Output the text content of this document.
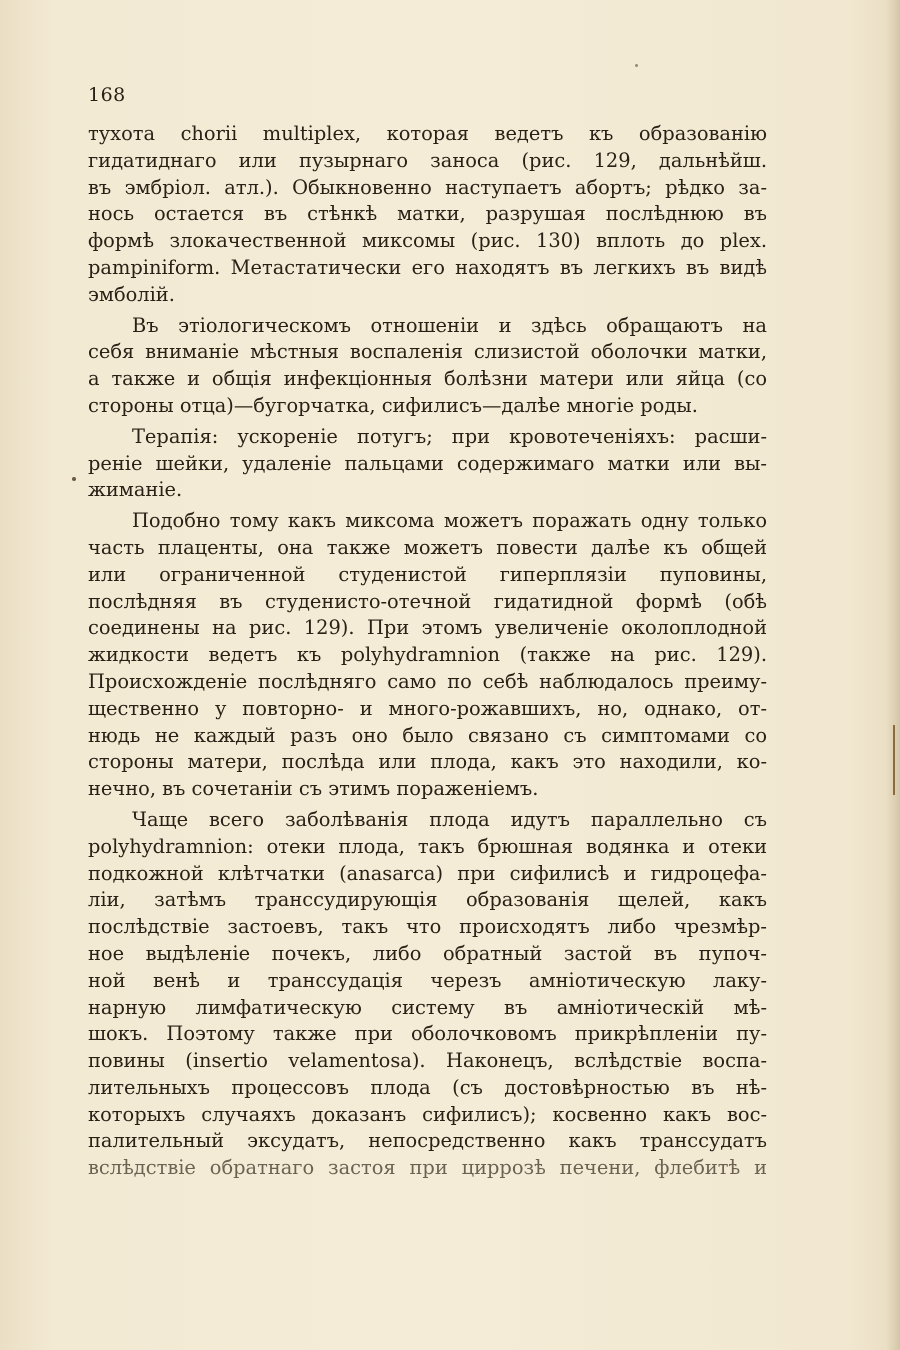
168
тухота chorii multiplex, которая ведетъ къ образованію
гидатиднаго или пузырнаго заноса (рис. 129, дальнѣйш.
въ эмбріол. атл.). Обыкновенно наступаетъ абортъ; рѣдко за-
нось остается въ стѣнкѣ матки, разрушая послѣднюю въ
формѣ злокачественной миксомы (рис. 130) вплоть до plex.
pampiniform. Метастатически его находятъ въ легкихъ въ видѣ
эмболій.
Въ этіологическомъ отношеніи и здѣсь обращаютъ на
себя вниманіе мѣстныя воспаленія слизистой оболочки матки,
а также и общія инфекціонныя болѣзни матери или яйца (со
стороны отца)—бугорчатка, сифилисъ—далѣе многіе роды.
Терапія: ускореніе потугъ; при кровотеченіяхъ: расши-
реніе шейки, удаленіе пальцами содержимаго матки или вы-
жиманіе.
Подобно тому какъ миксома можетъ поражать одну только
часть плаценты, она также можетъ повести далѣе къ общей
или ограниченной студенистой гиперплязіи пуповины,
послѣдняя въ студенисто-отечной гидатидной формѣ (обѣ
соединены на рис. 129). При этомъ увеличеніе околоплодной
жидкости ведетъ къ polyhydramnion (также на рис. 129).
Происхожденіе послѣдняго само по себѣ наблюдалось преиму-
щественно у повторно- и много-рожавшихъ, но, однако, от-
нюдь не каждый разъ оно было связано съ симптомами со
стороны матери, послѣда или плода, какъ это находили, ко-
нечно, въ сочетаніи съ этимъ пораженіемъ.
Чаще всего заболѣванія плода идутъ параллельно съ
polyhydramnion: отеки плода, такъ брюшная водянка и отеки
подкожной клѣтчатки (anasarca) при сифилисѣ и гидроцефа-
ліи, затѣмъ транссудирующія образованія щелей, какъ
послѣдствіе застоевъ, такъ что происходятъ либо чрезмѣр-
ное выдѣленіе почекъ, либо обратный застой въ пупоч-
ной венѣ и транссудація черезъ амніотическую лаку-
нарную лимфатическую систему въ амніотическій мѣ-
шокъ. Поэтому также при оболочковомъ прикрѣпленіи пу-
повины (insertio velamentosa). Наконецъ, вслѣдствіе воспа-
лительныхъ процессовъ плода (съ достовѣрностью въ нѣ-
которыхъ случаяхъ доказанъ сифилисъ); косвенно какъ вос-
палительный эксудатъ, непосредственно какъ транссудатъ
вслѣдствіе обратнаго застоя при циррозѣ печени, флебитѣ и
